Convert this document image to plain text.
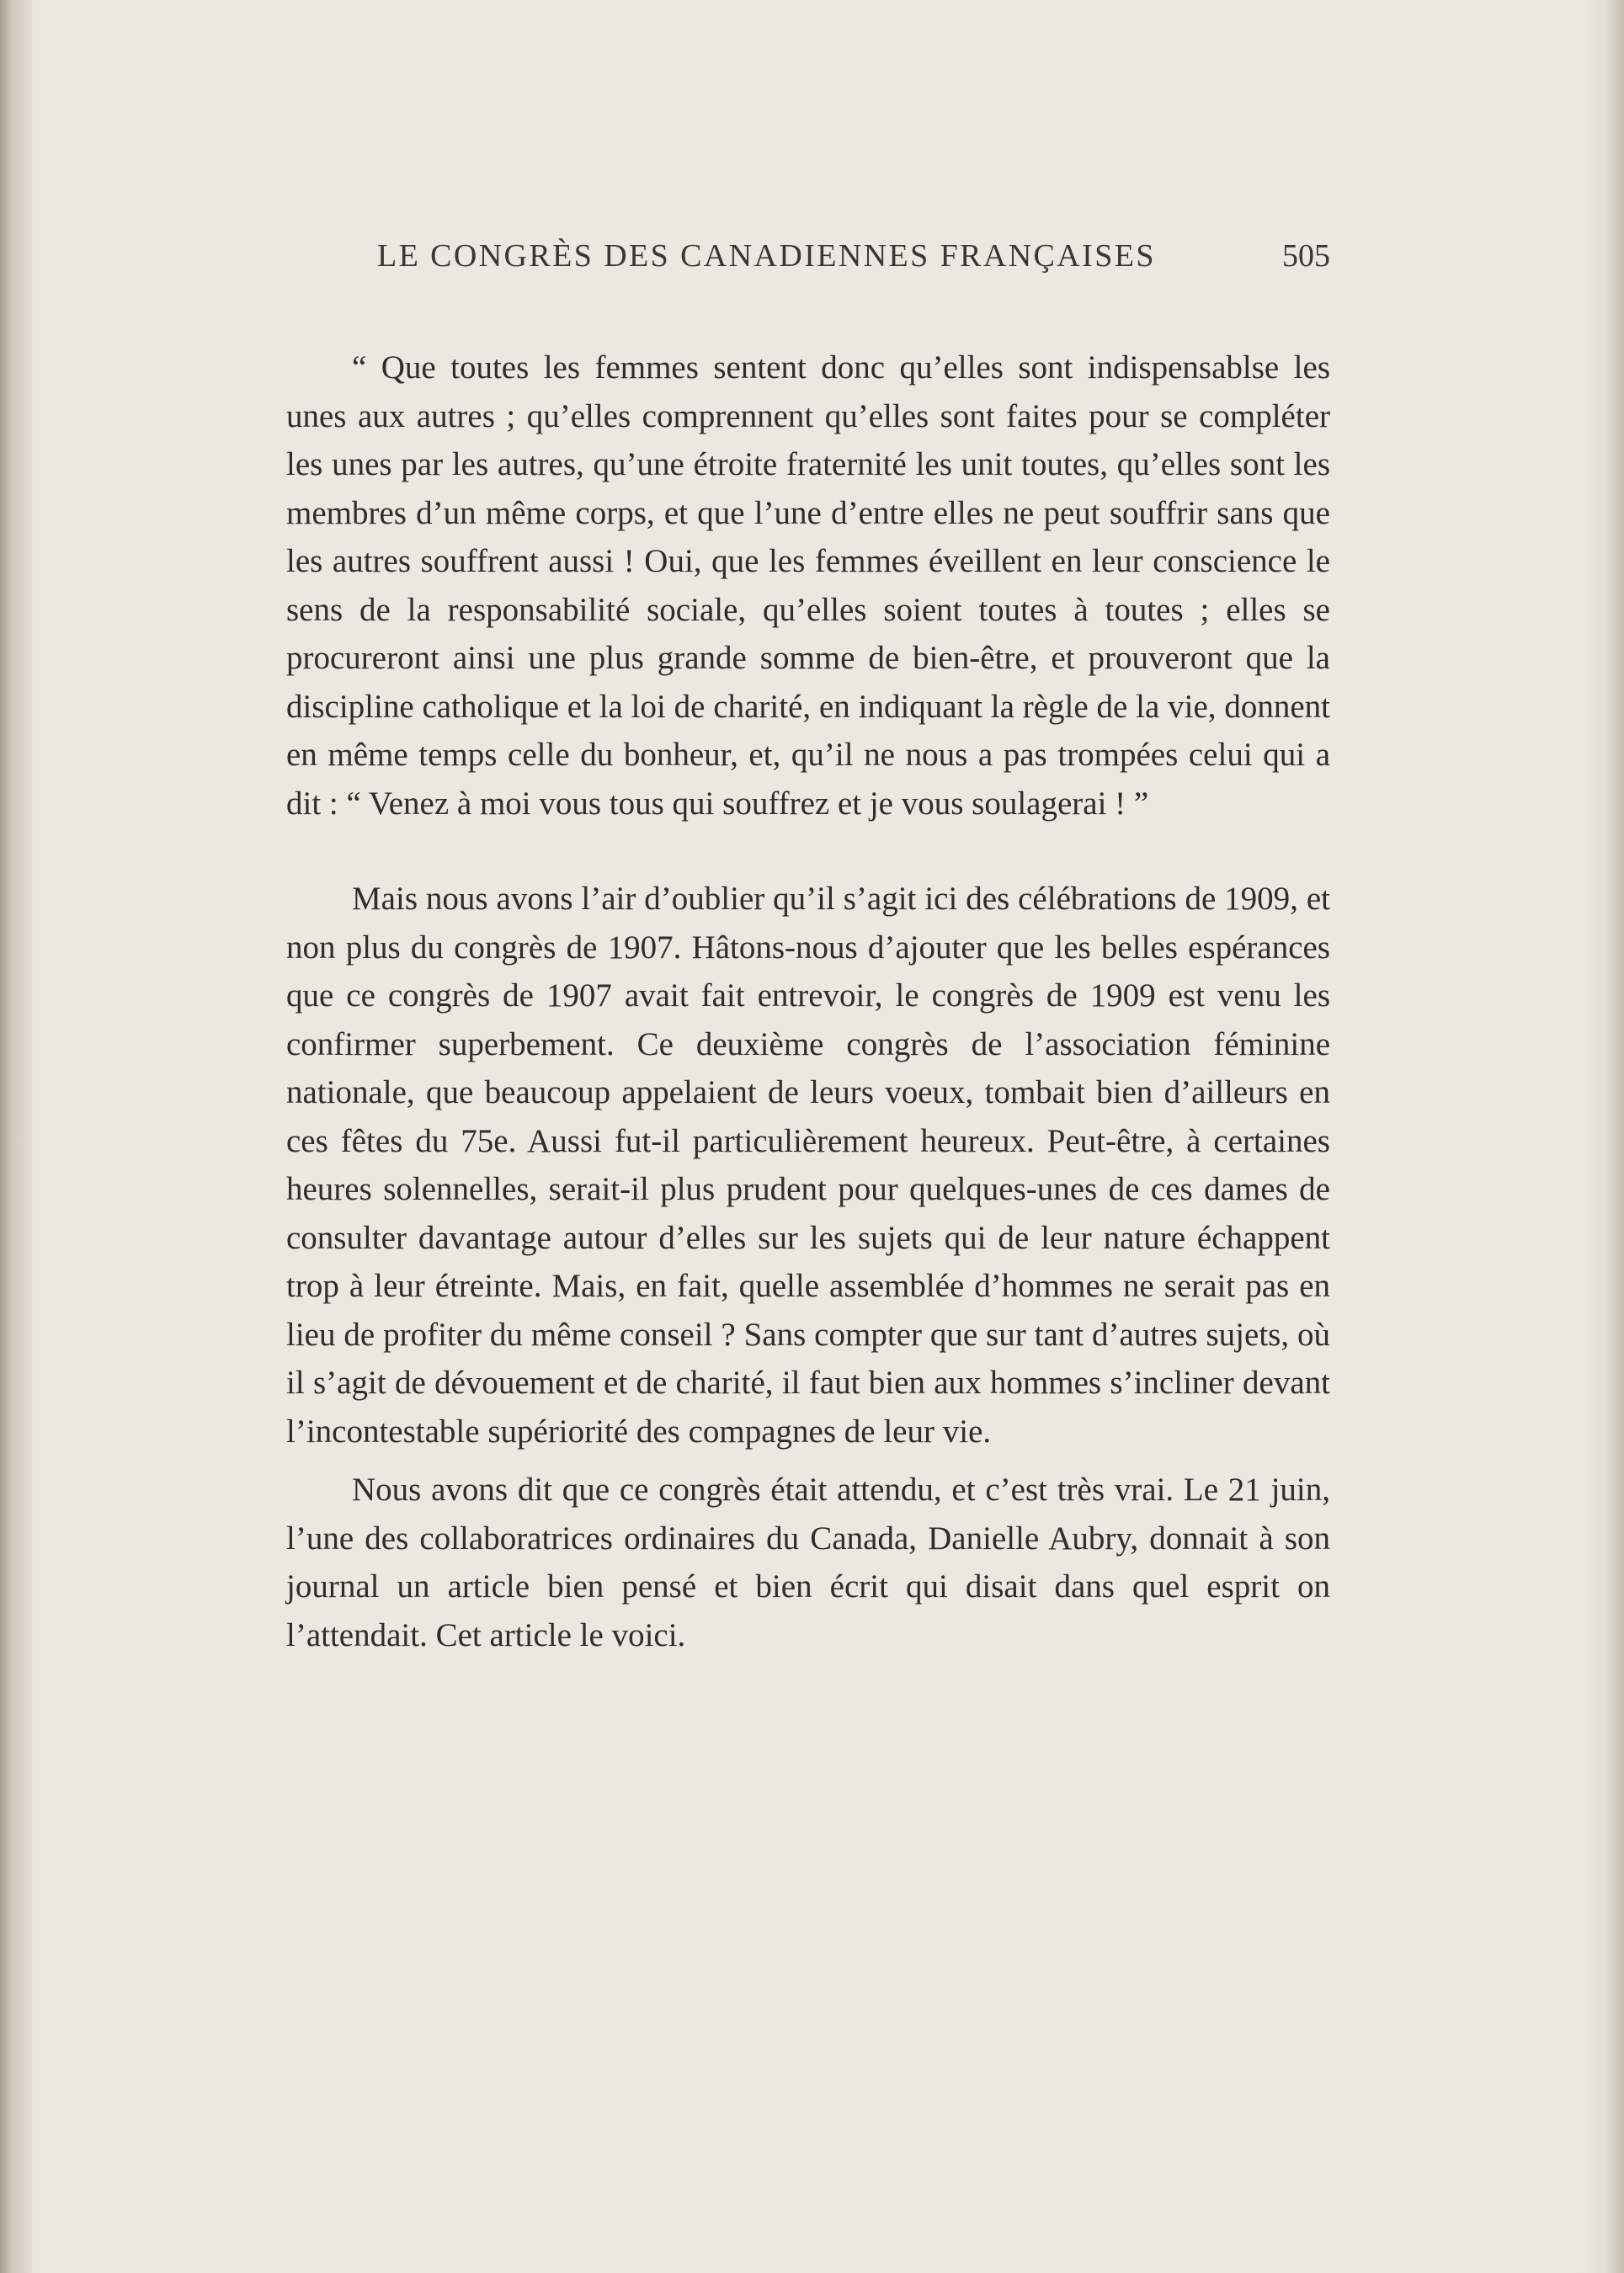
LE CONGRÈS DES CANADIENNES FRANÇAISES	505

“ Que toutes les femmes sentent donc qu’elles sont indispensablse les unes aux autres ; qu’elles comprennent qu’elles sont faites pour se compléter les unes par les autres, qu’une étroite fraternité les unit toutes, qu’elles sont les membres d’un même corps, et que l’une d’entre elles ne peut souffrir sans que les autres souffrent aussi ! Oui, que les femmes éveillent en leur conscience le sens de la responsabilité sociale, qu’elles soient toutes à toutes ; elles se procureront ainsi une plus grande somme de bien-être, et prouveront que la discipline catholique et la loi de charité, en indiquant la règle de la vie, donnent en même temps celle du bonheur, et, qu’il ne nous a pas trompées celui qui a dit : “ Venez à moi vous tous qui souffrez et je vous soulagerai ! ”

Mais nous avons l’air d’oublier qu’il s’agit ici des célébrations de 1909, et non plus du congrès de 1907. Hâtons-nous d’ajouter que les belles espérances que ce congrès de 1907 avait fait entrevoir, le congrès de 1909 est venu les confirmer superbement. Ce deuxième congrès de l’association féminine nationale, que beaucoup appelaient de leurs voeux, tombait bien d’ailleurs en ces fêtes du 75e. Aussi fut-il particulièrement heureux. Peut-être, à certaines heures solennelles, serait-il plus prudent pour quelques-unes de ces dames de consulter davantage autour d’elles sur les sujets qui de leur nature échappent trop à leur étreinte. Mais, en fait, quelle assemblée d’hommes ne serait pas en lieu de profiter du même conseil ? Sans compter que sur tant d’autres sujets, où il s’agit de dévouement et de charité, il faut bien aux hommes s’incliner devant l’incontestable supériorité des compagnes de leur vie.

Nous avons dit que ce congrès était attendu, et c’est très vrai. Le 21 juin, l’une des collaboratrices ordinaires du Canada, Danielle Aubry, donnait à son journal un article bien pensé et bien écrit qui disait dans quel esprit on l’attendait. Cet article le voici.
